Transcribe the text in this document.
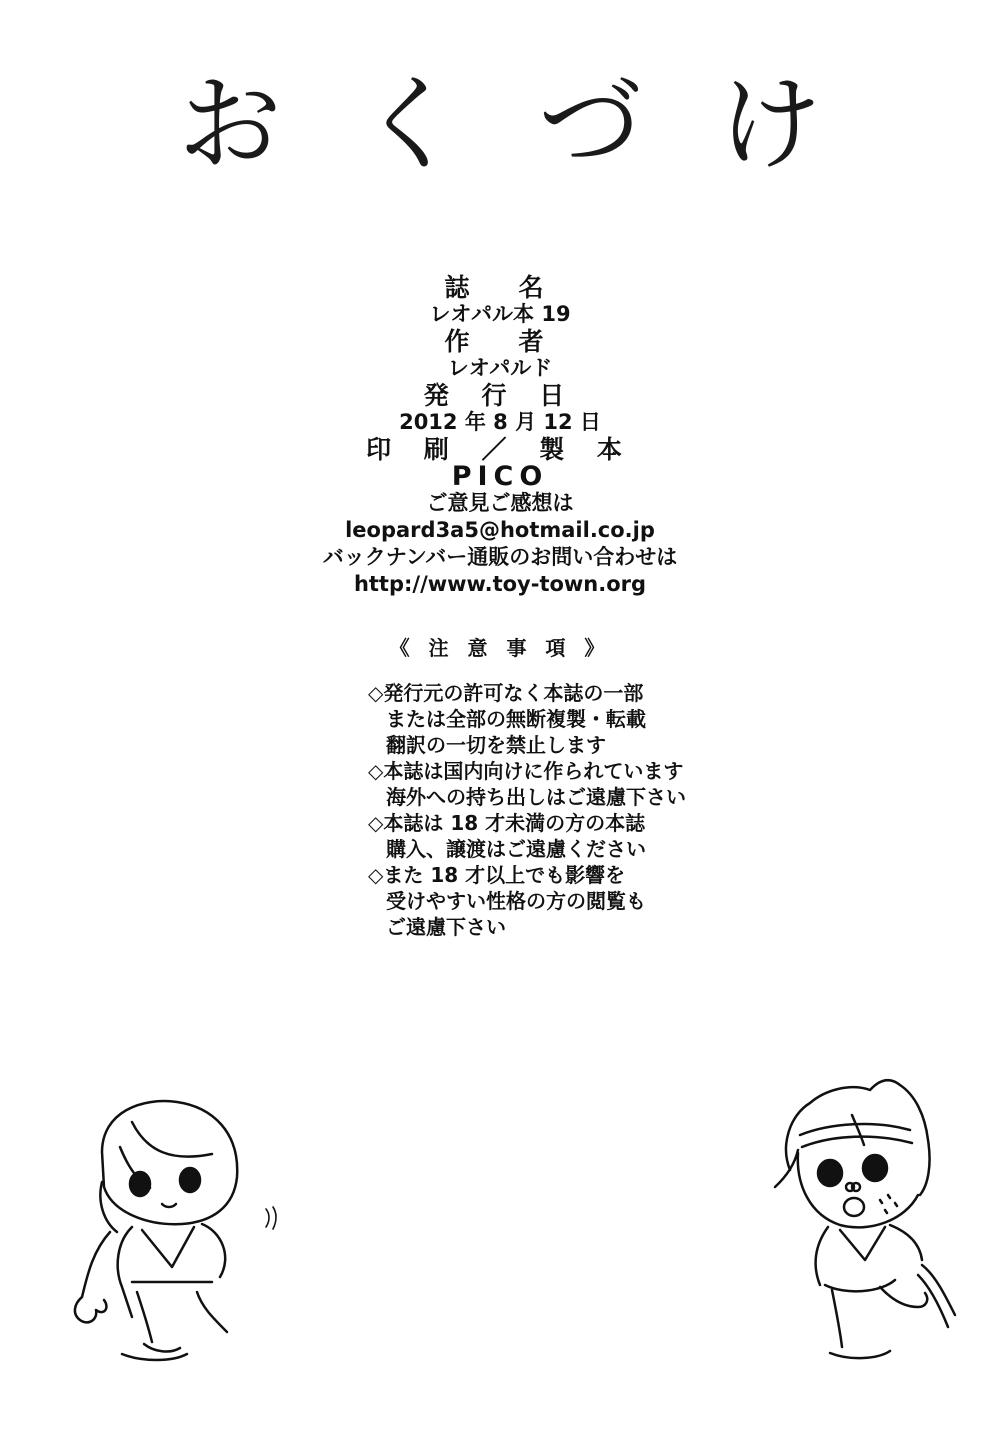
おくづけ
誌　名
レオパル本 19
作　者
レオパルド
発 行 日
2012 年 8 月 12 日
印 刷 ／ 製 本
PICO
ご意見ご感想は
leopard3a5@hotmail.co.jp
バックナンバー通販のお問い合わせは
http://www.toy-town.org
《 注 意 事 項 》
◇発行元の許可なく本誌の一部
または全部の無断複製・転載
翻訳の一切を禁止します
◇本誌は国内向けに作られています
海外への持ち出しはご遠慮下さい
◇本誌は 18 才未満の方の本誌
購入、譲渡はご遠慮ください
◇また 18 才以上でも影響を
受けやすい性格の方の閲覧も
ご遠慮下さい
